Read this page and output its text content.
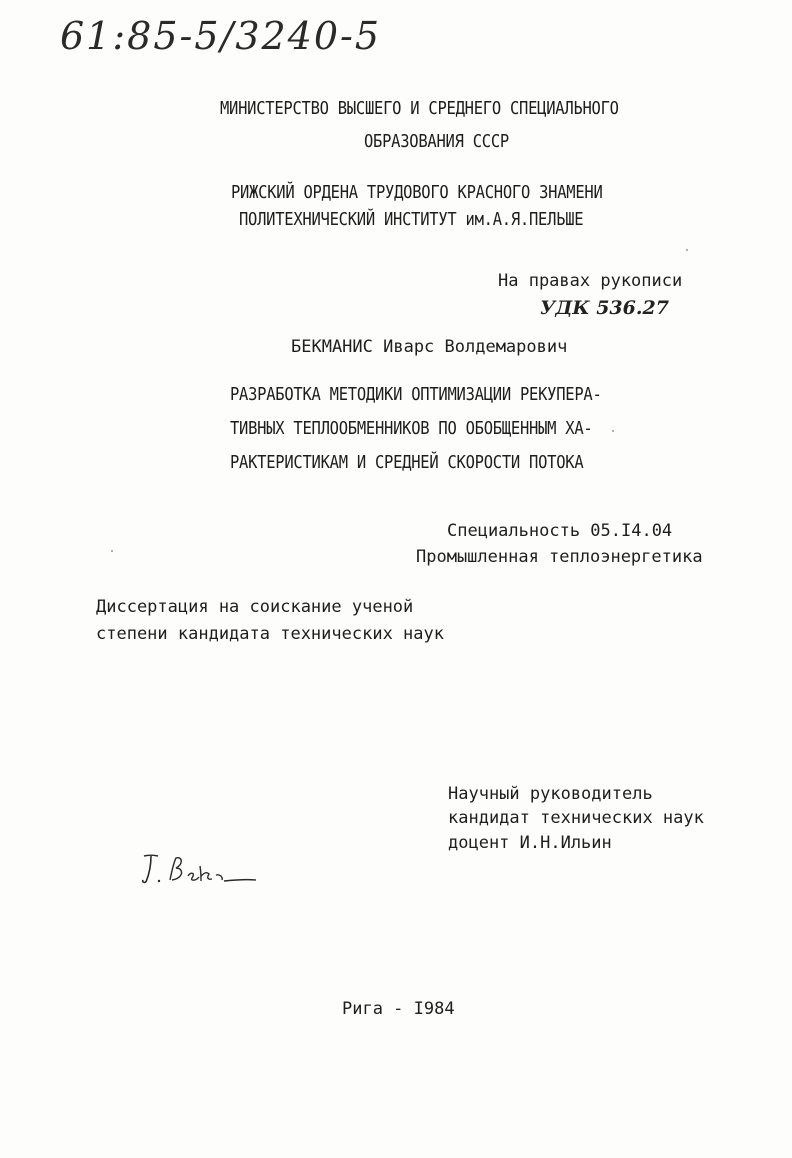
61:85-5/3240-5
МИНИСТЕРСТВО ВЫСШЕГО И СРЕДНЕГО СПЕЦИАЛЬНОГО
ОБРАЗОВАНИЯ СССР
РИЖСКИЙ ОРДЕНА ТРУДОВОГО КРАСНОГО ЗНАМЕНИ
ПОЛИТЕХНИЧЕСКИЙ ИНСТИТУТ им.А.Я.ПЕЛЬШЕ
На правах рукописи
УДК 536.27
БЕКМАНИС Иварс Волдемарович
РАЗРАБОТКА МЕТОДИКИ ОПТИМИЗАЦИИ РЕКУПЕРА-
ТИВНЫХ ТЕПЛООБМЕННИКОВ ПО ОБОБЩЕННЫМ ХА-
РАКТЕРИСТИКАМ И СРЕДНЕЙ СКОРОСТИ ПОТОКА
Специальность 05.I4.04
Промышленная теплоэнергетика
Диссертация на соискание ученой
степени кандидата технических наук
Научный руководитель
кандидат технических наук
доцент И.Н.Ильин
Рига - I984
